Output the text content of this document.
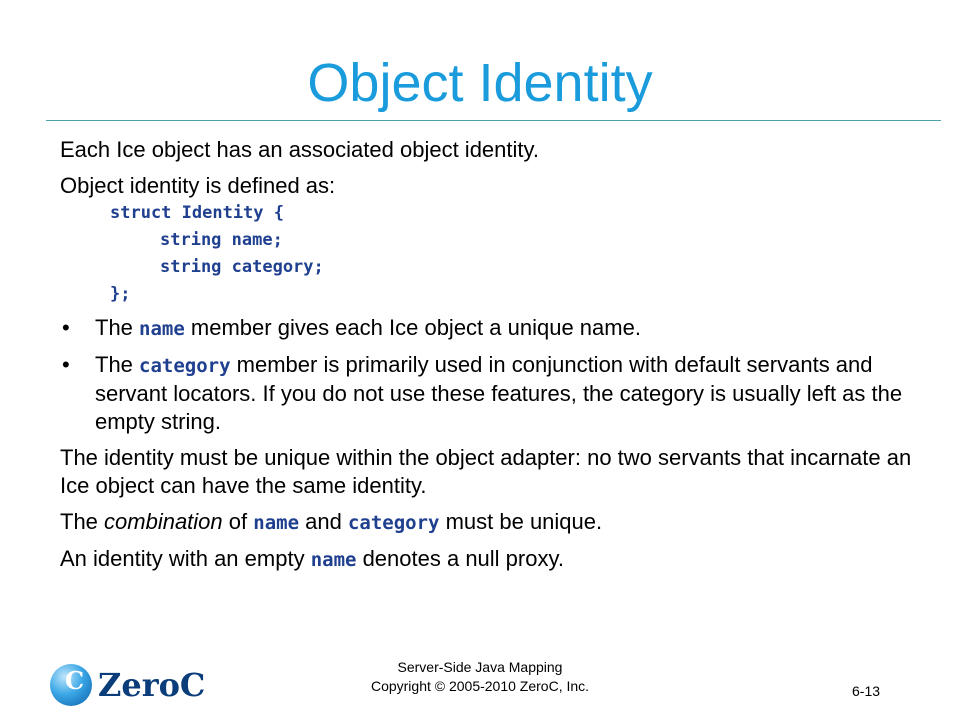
Object Identity

Each Ice object has an associated object identity.

Object identity is defined as:

struct Identity {
string name;
string category;
};
• The name member gives each Ice object a unique name.
• The category member is primarily used in conjunction with default servants and servant locators. If you do not use these features, the category is usually left as the empty string.

The identity must be unique within the object adapter: no two servants that incarnate an Ice object can have the same identity.

The combination of name and category must be unique.

An identity with an empty name denotes a null proxy.

C ZeroC	Server-Side Java Mapping
Copyright © 2005-2010 ZeroC, Inc.	6-13
